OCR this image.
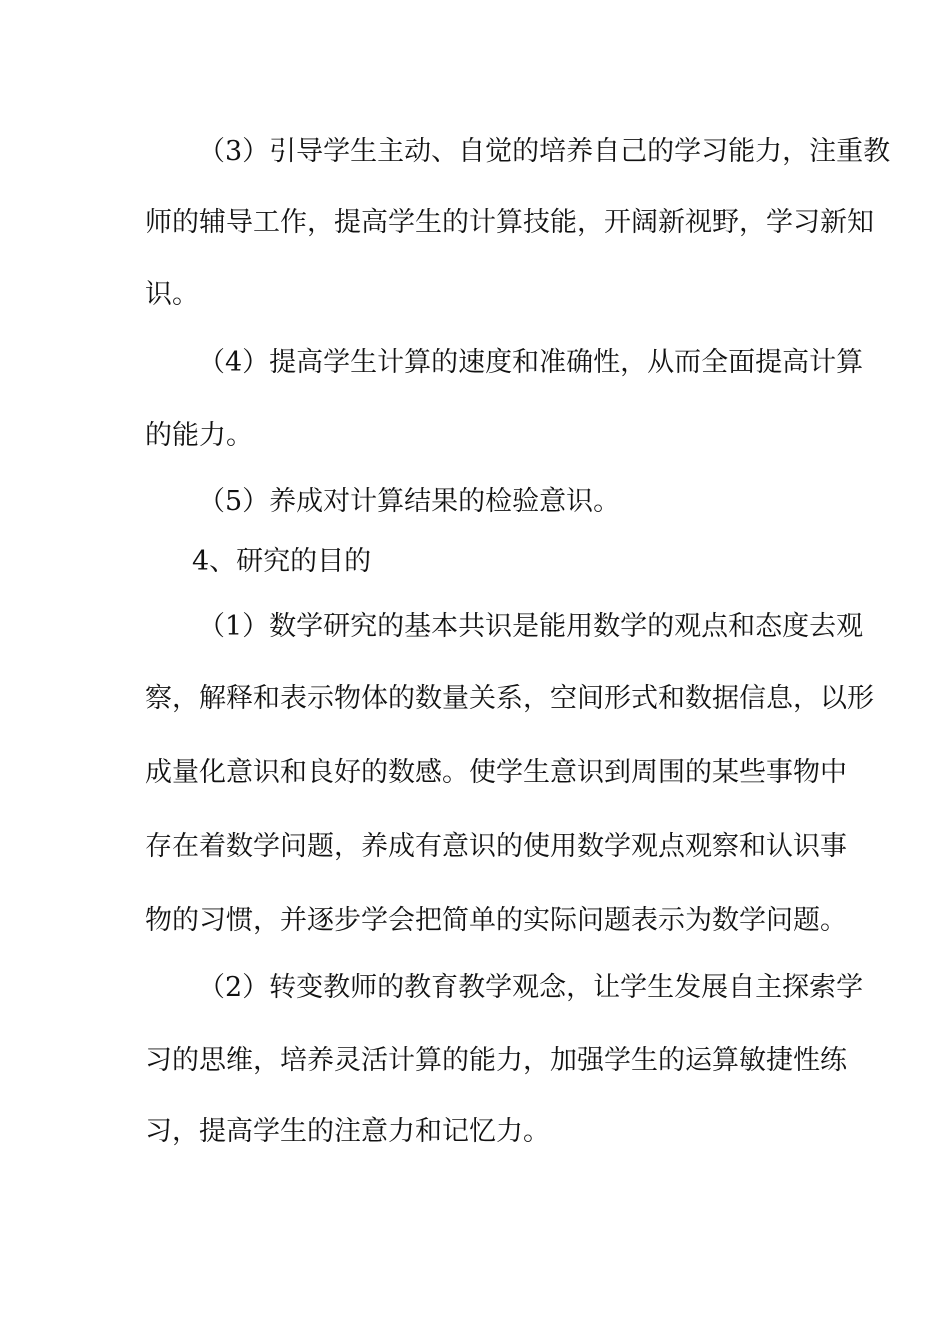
（3）引导学生主动、自觉的培养自己的学习能力，注重教
师的辅导工作，提高学生的计算技能，开阔新视野，学习新知
识。
（4）提高学生计算的速度和准确性，从而全面提高计算
的能力。
（5）养成对计算结果的检验意识。
4、研究的目的
（1）数学研究的基本共识是能用数学的观点和态度去观
察，解释和表示物体的数量关系，空间形式和数据信息，以形
成量化意识和良好的数感。使学生意识到周围的某些事物中
存在着数学问题，养成有意识的使用数学观点观察和认识事
物的习惯，并逐步学会把简单的实际问题表示为数学问题。
（2）转变教师的教育教学观念，让学生发展自主探索学
习的思维，培养灵活计算的能力，加强学生的运算敏捷性练
习，提高学生的注意力和记忆力。
